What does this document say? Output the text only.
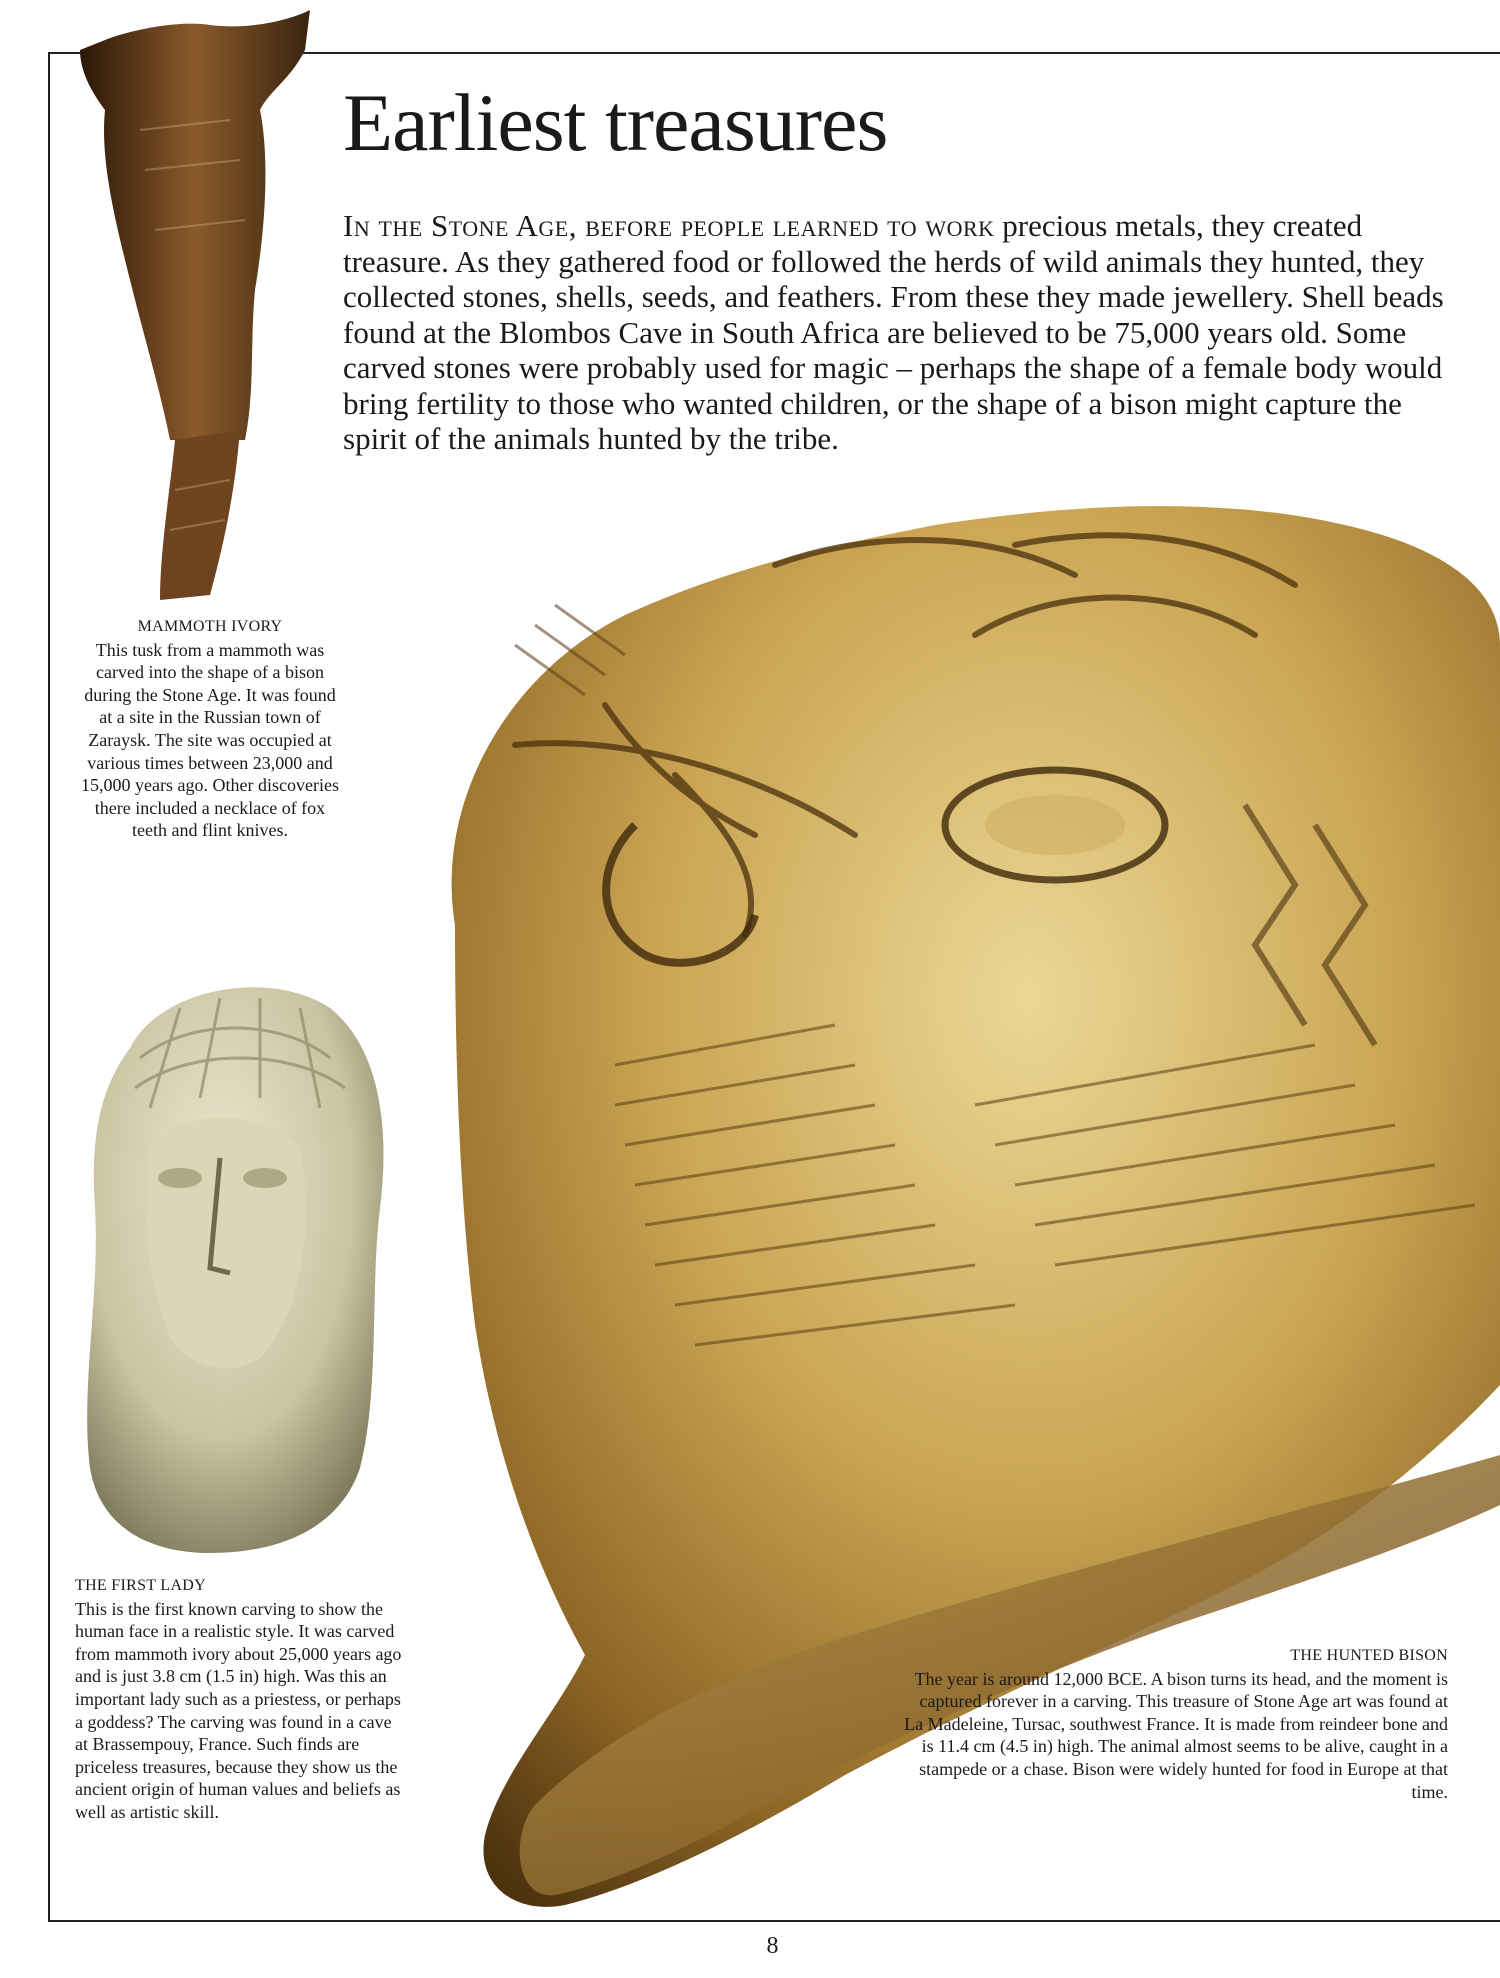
Earliest treasures

In the Stone Age, before people learned to work precious metals, they created treasure. As they gathered food or followed the herds of wild animals they hunted, they collected stones, shells, seeds, and feathers. From these they made jewellery. Shell beads found at the Blombos Cave in South Africa are believed to be 75,000 years old. Some carved stones were probably used for magic – perhaps the shape of a female body would bring fertility to those who wanted children, or the shape of a bison might capture the spirit of the animals hunted by the tribe.

MAMMOTH IVORY
This tusk from a mammoth was carved into the shape of a bison during the Stone Age. It was found at a site in the Russian town of Zaraysk. The site was occupied at various times between 23,000 and 15,000 years ago. Other discoveries there included a necklace of fox teeth and flint knives.

THE FIRST LADY
This is the first known carving to show the human face in a realistic style. It was carved from mammoth ivory about 25,000 years ago and is just 3.8 cm (1.5 in) high. Was this an important lady such as a priestess, or perhaps a goddess? The carving was found in a cave at Brassempouy, France. Such finds are priceless treasures, because they show us the ancient origin of human values and beliefs as well as artistic skill.

THE HUNTED BISON
The year is around 12,000 BCE. A bison turns its head, and the moment is captured forever in a carving. This treasure of Stone Age art was found at La Madeleine, Tursac, southwest France. It is made from reindeer bone and is 11.4 cm (4.5 in) high. The animal almost seems to be alive, caught in a stampede or a chase. Bison were widely hunted for food in Europe at that time.

8
